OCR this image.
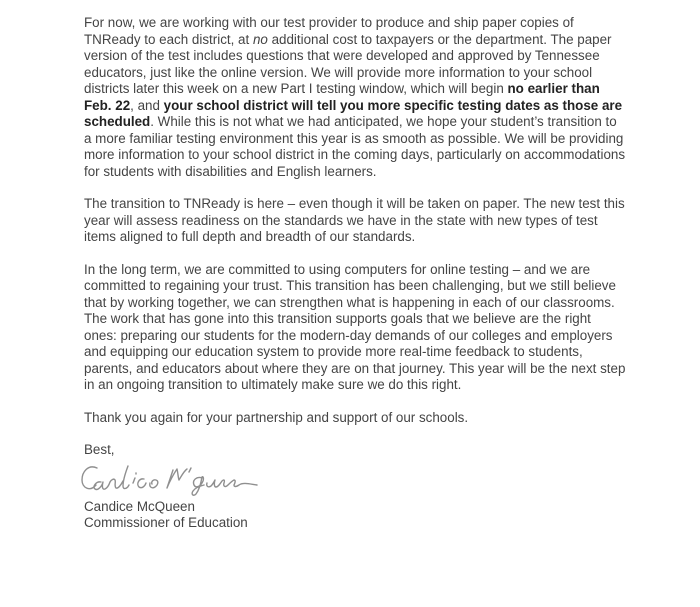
For now, we are working with our test provider to produce and ship paper copies of TNReady to each district, at no additional cost to taxpayers or the department. The paper version of the test includes questions that were developed and approved by Tennessee educators, just like the online version. We will provide more information to your school districts later this week on a new Part I testing window, which will begin no earlier than Feb. 22, and your school district will tell you more specific testing dates as those are scheduled. While this is not what we had anticipated, we hope your student’s transition to a more familiar testing environment this year is as smooth as possible. We will be providing more information to your school district in the coming days, particularly on accommodations for students with disabilities and English learners.

The transition to TNReady is here – even though it will be taken on paper. The new test this year will assess readiness on the standards we have in the state with new types of test items aligned to full depth and breadth of our standards.

In the long term, we are committed to using computers for online testing – and we are committed to regaining your trust. This transition has been challenging, but we still believe that by working together, we can strengthen what is happening in each of our classrooms. The work that has gone into this transition supports goals that we believe are the right ones: preparing our students for the modern-day demands of our colleges and employers and equipping our education system to provide more real-time feedback to students, parents, and educators about where they are on that journey. This year will be the next step in an ongoing transition to ultimately make sure we do this right.

Thank you again for your partnership and support of our schools.

Best,

Candice McQueen
Commissioner of Education
